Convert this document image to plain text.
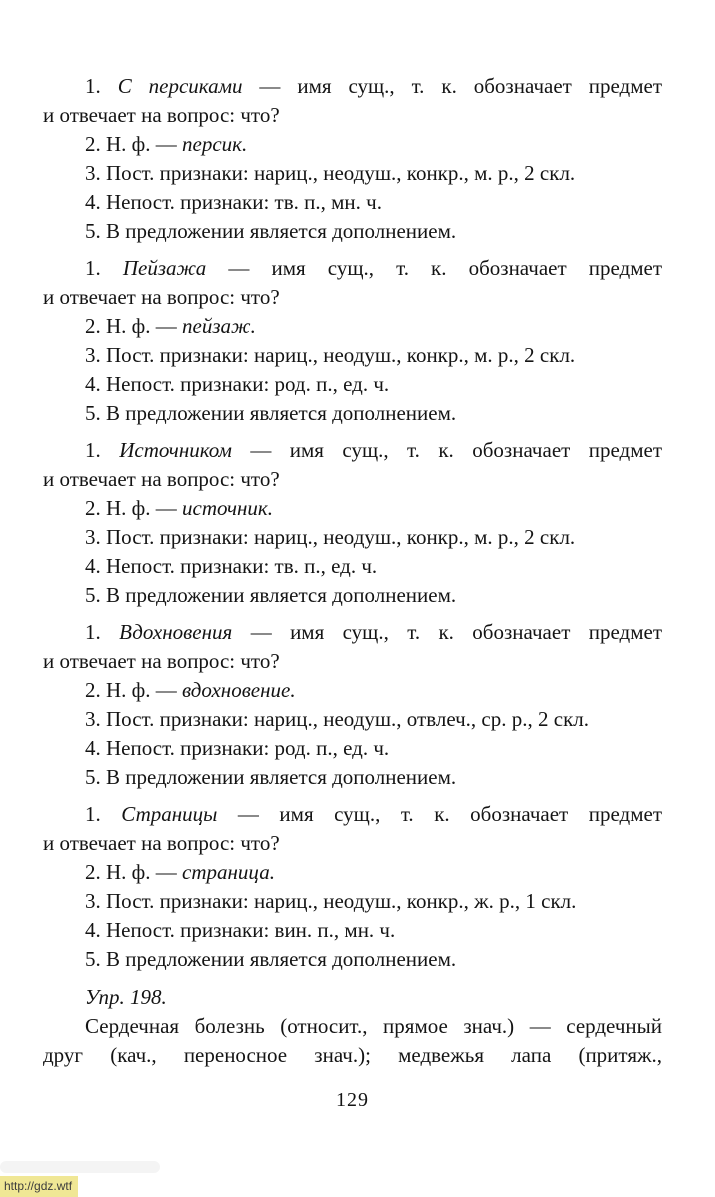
1. С персиками — имя сущ., т. к. обозначает предмет
и отвечает на вопрос: что?
2. Н. ф. — персик.
3. Пост. признаки: нариц., неодуш., конкр., м. р., 2 скл.
4. Непост. признаки: тв. п., мн. ч.
5. В предложении является дополнением.
1. Пейзажа — имя сущ., т. к. обозначает предмет
и отвечает на вопрос: что?
2. Н. ф. — пейзаж.
3. Пост. признаки: нариц., неодуш., конкр., м. р., 2 скл.
4. Непост. признаки: род. п., ед. ч.
5. В предложении является дополнением.
1. Источником — имя сущ., т. к. обозначает предмет
и отвечает на вопрос: что?
2. Н. ф. — источник.
3. Пост. признаки: нариц., неодуш., конкр., м. р., 2 скл.
4. Непост. признаки: тв. п., ед. ч.
5. В предложении является дополнением.
1. Вдохновения — имя сущ., т. к. обозначает предмет
и отвечает на вопрос: что?
2. Н. ф. — вдохновение.
3. Пост. признаки: нариц., неодуш., отвлеч., ср. р., 2 скл.
4. Непост. признаки: род. п., ед. ч.
5. В предложении является дополнением.
1. Страницы — имя сущ., т. к. обозначает предмет
и отвечает на вопрос: что?
2. Н. ф. — страница.
3. Пост. признаки: нариц., неодуш., конкр., ж. р., 1 скл.
4. Непост. признаки: вин. п., мн. ч.
5. В предложении является дополнением.
Упр. 198.
Сердечная болезнь (относит., прямое знач.) — сердечный
друг (кач., переносное знач.); медвежья лапа (притяж.,
129
http://gdz.wtf
